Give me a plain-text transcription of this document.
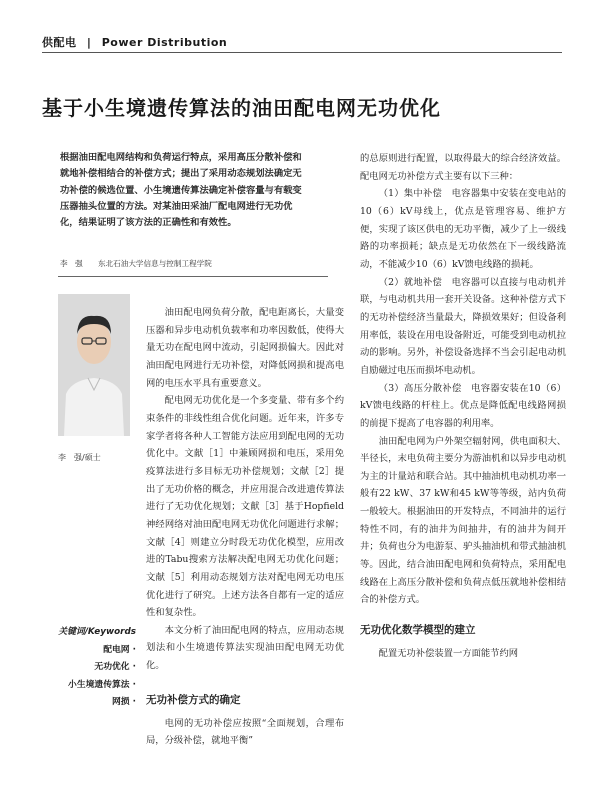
供配电 | Power Distribution
基于小生境遗传算法的油田配电网无功优化
根据油田配电网结构和负荷运行特点，采用高压分散补偿和就地补偿相结合的补偿方式；提出了采用动态规划法确定无功补偿的候选位置、小生境遗传算法确定补偿容量与有载变压器抽头位置的方法。对某油田采油厂配电网进行无功优化，结果证明了该方法的正确性和有效性。
李　强　　东北石油大学信息与控制工程学院
李　强/硕士
关键词/Keywords
配电网 ·
无功优化 ·
小生境遗传算法 ·
网损 ·

油田配电网负荷分散，配电距离长，大量变压器和异步电动机负载率和功率因数低，使得大量无功在配电网中流动，引起网损偏大。因此对油田配电网进行无功补偿，对降低网损和提高电网的电压水平具有重要意义。

配电网无功优化是一个多变量、带有多个约束条件的非线性组合优化问题。近年来，许多专家学者将各种人工智能方法应用到配电网的无功优化中。文献［1］中兼顾网损和电压，采用免疫算法进行多目标无功补偿规划；文献［2］提出了无功价格的概念，并应用混合改进遗传算法进行了无功优化规划；文献［3］基于Hopfield神经网络对油田配电网无功优化问题进行求解；文献［4］则建立分时段无功优化模型，应用改进的Tabu搜索方法解决配电网无功优化问题；文献［5］利用动态规划方法对配电网无功电压优化进行了研究。上述方法各自都有一定的适应性和复杂性。

本文分析了油田配电网的特点，应用动态规划法和小生境遗传算法实现油田配电网无功优化。

无功补偿方式的确定

电网的无功补偿应按照“全面规划，合理布局，分级补偿，就地平衡”

的总原则进行配置，以取得最大的综合经济效益。配电网无功补偿方式主要有以下三种：

（1）集中补偿　电容器集中安装在变电站的10（6）kV母线上，优点是管理容易、维护方便，实现了该区供电的无功平衡，减少了上一级线路的功率损耗；缺点是无功依然在下一级线路流动，不能减少10（6）kV馈电线路的损耗。

（2）就地补偿　电容器可以直接与电动机并联，与电动机共用一套开关设备。这种补偿方式下的无功补偿经济当量最大，降损效果好；但设备利用率低，装设在用电设备附近，可能受到电动机拉动的影响。另外，补偿设备选择不当会引起电动机自励磁过电压而损坏电动机。

（3）高压分散补偿　电容器安装在10（6）kV馈电线路的杆柱上。优点是降低配电线路网损的前提下提高了电容器的利用率。

油田配电网为户外架空辐射网，供电面积大、半径长，末电负荷主要分为游油机和以异步电动机为主的计量站和联合站。其中抽油机电动机功率一般有22 kW、37 kW和45 kW等等级，站内负荷一般较大。根据油田的开发特点，不同油井的运行特性不同，有的油井为间抽井，有的油井为间开井；负荷也分为电游泵、驴头抽油机和带式抽油机等。因此，结合油田配电网和负荷特点，采用配电线路在上高压分散补偿和负荷点低压就地补偿相结合的补偿方式。

无功优化数学模型的建立

配置无功补偿装置一方面能节约网
